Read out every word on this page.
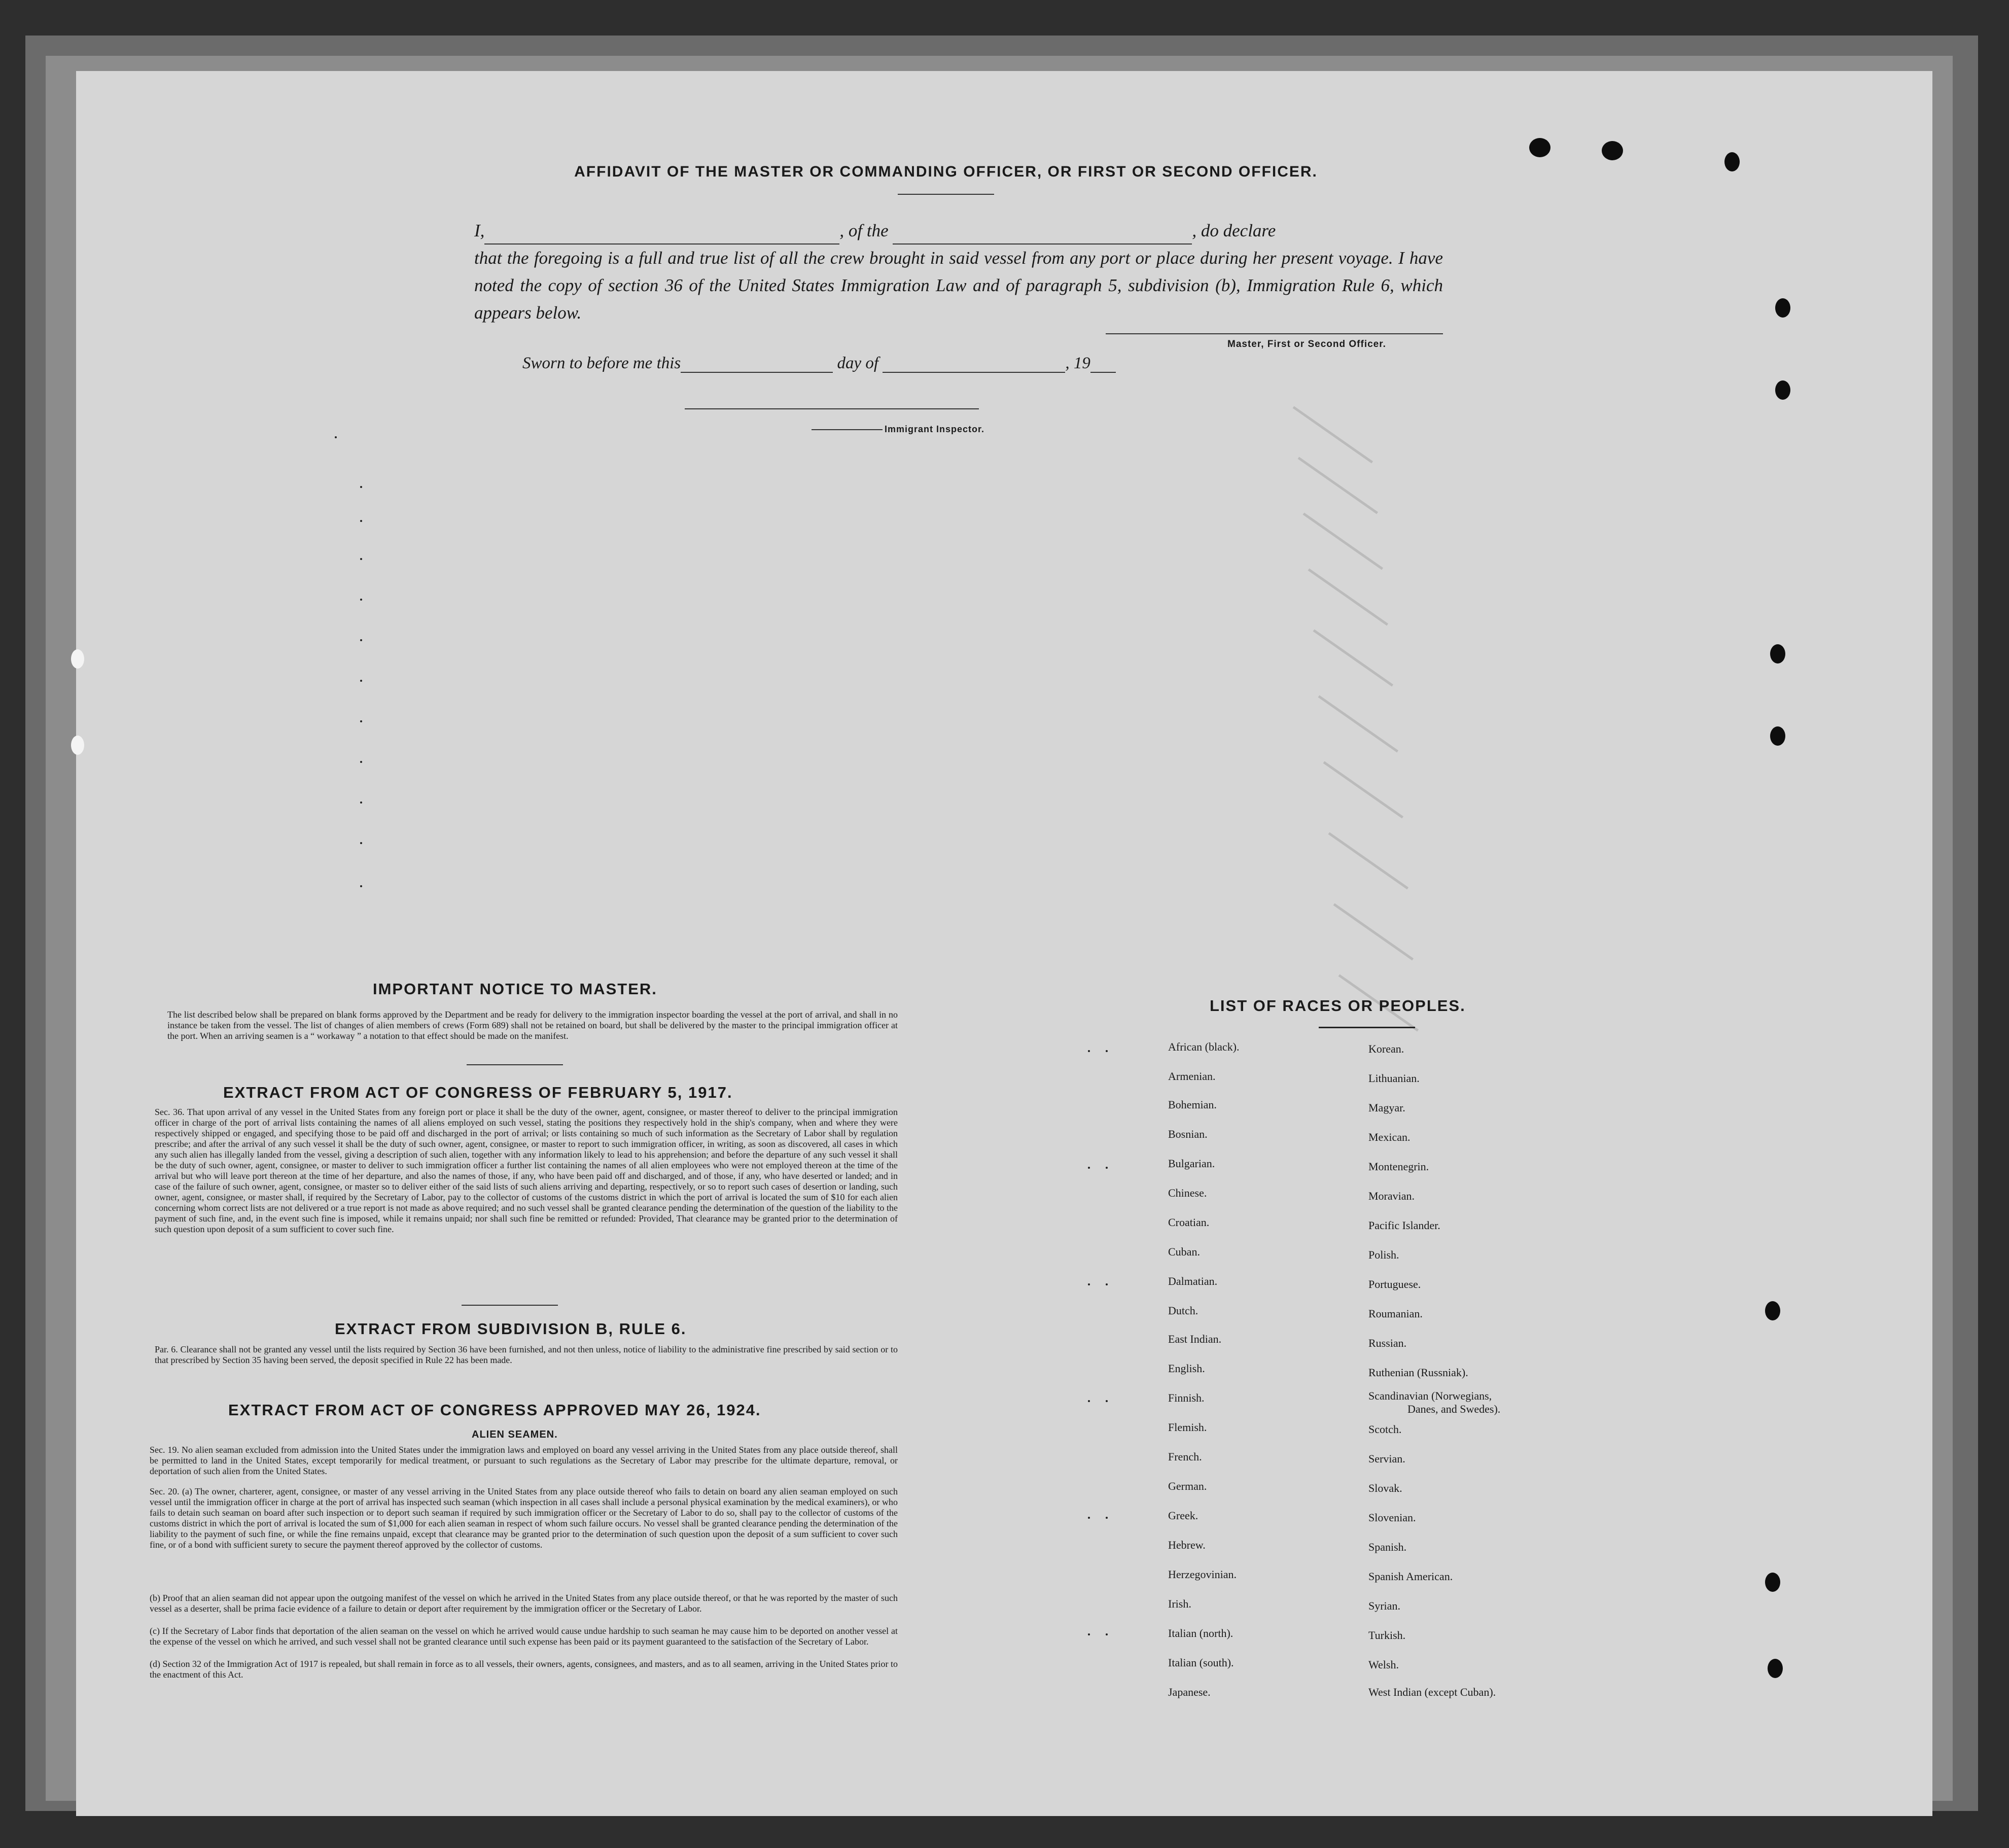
AFFIDAVIT OF THE MASTER OR COMMANDING OFFICER, OR FIRST OR SECOND OFFICER.
I,	, of the	, do declare
that the foregoing is a full and true list of all the crew brought in said vessel from any port or place during her present voyage. I have noted the copy of section 36 of the United States Immigration Law and of paragraph 5, subdivision (b), Immigration Rule 6, which appears below.
Master, First or Second Officer.
Sworn to before me this	day of	, 19
Immigrant Inspector.
IMPORTANT NOTICE TO MASTER.
The list described below shall be prepared on blank forms approved by the Department and be ready for delivery to the immigration inspector boarding the vessel at the port of arrival, and shall in no instance be taken from the vessel. The list of changes of alien members of crews (Form 689) shall not be retained on board, but shall be delivered by the master to the principal immigration officer at the port. When an arriving seamen is a “ workaway ” a notation to that effect should be made on the manifest.
EXTRACT FROM ACT OF CONGRESS OF FEBRUARY 5, 1917.
Sec. 36. That upon arrival of any vessel in the United States from any foreign port or place it shall be the duty of the owner, agent, consignee, or master thereof to deliver to the principal immigration officer in charge of the port of arrival lists containing the names of all aliens employed on such vessel, stating the positions they respectively hold in the ship's company, when and where they were respectively shipped or engaged, and specifying those to be paid off and discharged in the port of arrival; or lists containing so much of such information as the Secretary of Labor shall by regulation prescribe; and after the arrival of any such vessel it shall be the duty of such owner, agent, consignee, or master to report to such immigration officer, in writing, as soon as discovered, all cases in which any such alien has illegally landed from the vessel, giving a description of such alien, together with any information likely to lead to his apprehension; and before the departure of any such vessel it shall be the duty of such owner, agent, consignee, or master to deliver to such immigration officer a further list containing the names of all alien employees who were not employed thereon at the time of the arrival but who will leave port thereon at the time of her departure, and also the names of those, if any, who have been paid off and discharged, and of those, if any, who have deserted or landed; and in case of the failure of such owner, agent, consignee, or master so to deliver either of the said lists of such aliens arriving and departing, respectively, or so to report such cases of desertion or landing, such owner, agent, consignee, or master shall, if required by the Secretary of Labor, pay to the collector of customs of the customs district in which the port of arrival is located the sum of $10 for each alien concerning whom correct lists are not delivered or a true report is not made as above required; and no such vessel shall be granted clearance pending the determination of the question of the liability to the payment of such fine, and, in the event such fine is imposed, while it remains unpaid; nor shall such fine be remitted or refunded: Provided, That clearance may be granted prior to the determination of such question upon deposit of a sum sufficient to cover such fine.
EXTRACT FROM SUBDIVISION B, RULE 6.
Par. 6. Clearance shall not be granted any vessel until the lists required by Section 36 have been furnished, and not then unless, notice of liability to the administrative fine prescribed by said section or to that prescribed by Section 35 having been served, the deposit specified in Rule 22 has been made.
EXTRACT FROM ACT OF CONGRESS APPROVED MAY 26, 1924.
ALIEN SEAMEN.
Sec. 19. No alien seaman excluded from admission into the United States under the immigration laws and employed on board any vessel arriving in the United States from any place outside thereof, shall be permitted to land in the United States, except temporarily for medical treatment, or pursuant to such regulations as the Secretary of Labor may prescribe for the ultimate departure, removal, or deportation of such alien from the United States.
Sec. 20. (a) The owner, charterer, agent, consignee, or master of any vessel arriving in the United States from any place outside thereof who fails to detain on board any alien seaman employed on such vessel until the immigration officer in charge at the port of arrival has inspected such seaman (which inspection in all cases shall include a personal physical examination by the medical examiners), or who fails to detain such seaman on board after such inspection or to deport such seaman if required by such immigration officer or the Secretary of Labor to do so, shall pay to the collector of customs of the customs district in which the port of arrival is located the sum of $1,000 for each alien seaman in respect of whom such failure occurs. No vessel shall be granted clearance pending the determination of the liability to the payment of such fine, or while the fine remains unpaid, except that clearance may be granted prior to the determination of such question upon the deposit of a sum sufficient to cover such fine, or of a bond with sufficient surety to secure the payment thereof approved by the collector of customs.
(b) Proof that an alien seaman did not appear upon the outgoing manifest of the vessel on which he arrived in the United States from any place outside thereof, or that he was reported by the master of such vessel as a deserter, shall be prima facie evidence of a failure to detain or deport after requirement by the immigration officer or the Secretary of Labor.
(c) If the Secretary of Labor finds that deportation of the alien seaman on the vessel on which he arrived would cause undue hardship to such seaman he may cause him to be deported on another vessel at the expense of the vessel on which he arrived, and such vessel shall not be granted clearance until such expense has been paid or its payment guaranteed to the satisfaction of the Secretary of Labor.
(d) Section 32 of the Immigration Act of 1917 is repealed, but shall remain in force as to all vessels, their owners, agents, consignees, and masters, and as to all seamen, arriving in the United States prior to the enactment of this Act.
LIST OF RACES OR PEOPLES.
African (black).
Armenian.
Bohemian.
Bosnian.
Bulgarian.
Chinese.
Croatian.
Cuban.
Dalmatian.
Dutch.
East Indian.
English.
Finnish.
Flemish.
French.
German.
Greek.
Hebrew.
Herzegovinian.
Irish.
Italian (north).
Italian (south).
Japanese.
Korean.
Lithuanian.
Magyar.
Mexican.
Montenegrin.
Moravian.
Pacific Islander.
Polish.
Portuguese.
Roumanian.
Russian.
Ruthenian (Russniak).
Scandinavian (Norwegians,
Danes, and Swedes).
Scotch.
Servian.
Slovak.
Slovenian.
Spanish.
Spanish American.
Syrian.
Turkish.
Welsh.
West Indian (except Cuban).
